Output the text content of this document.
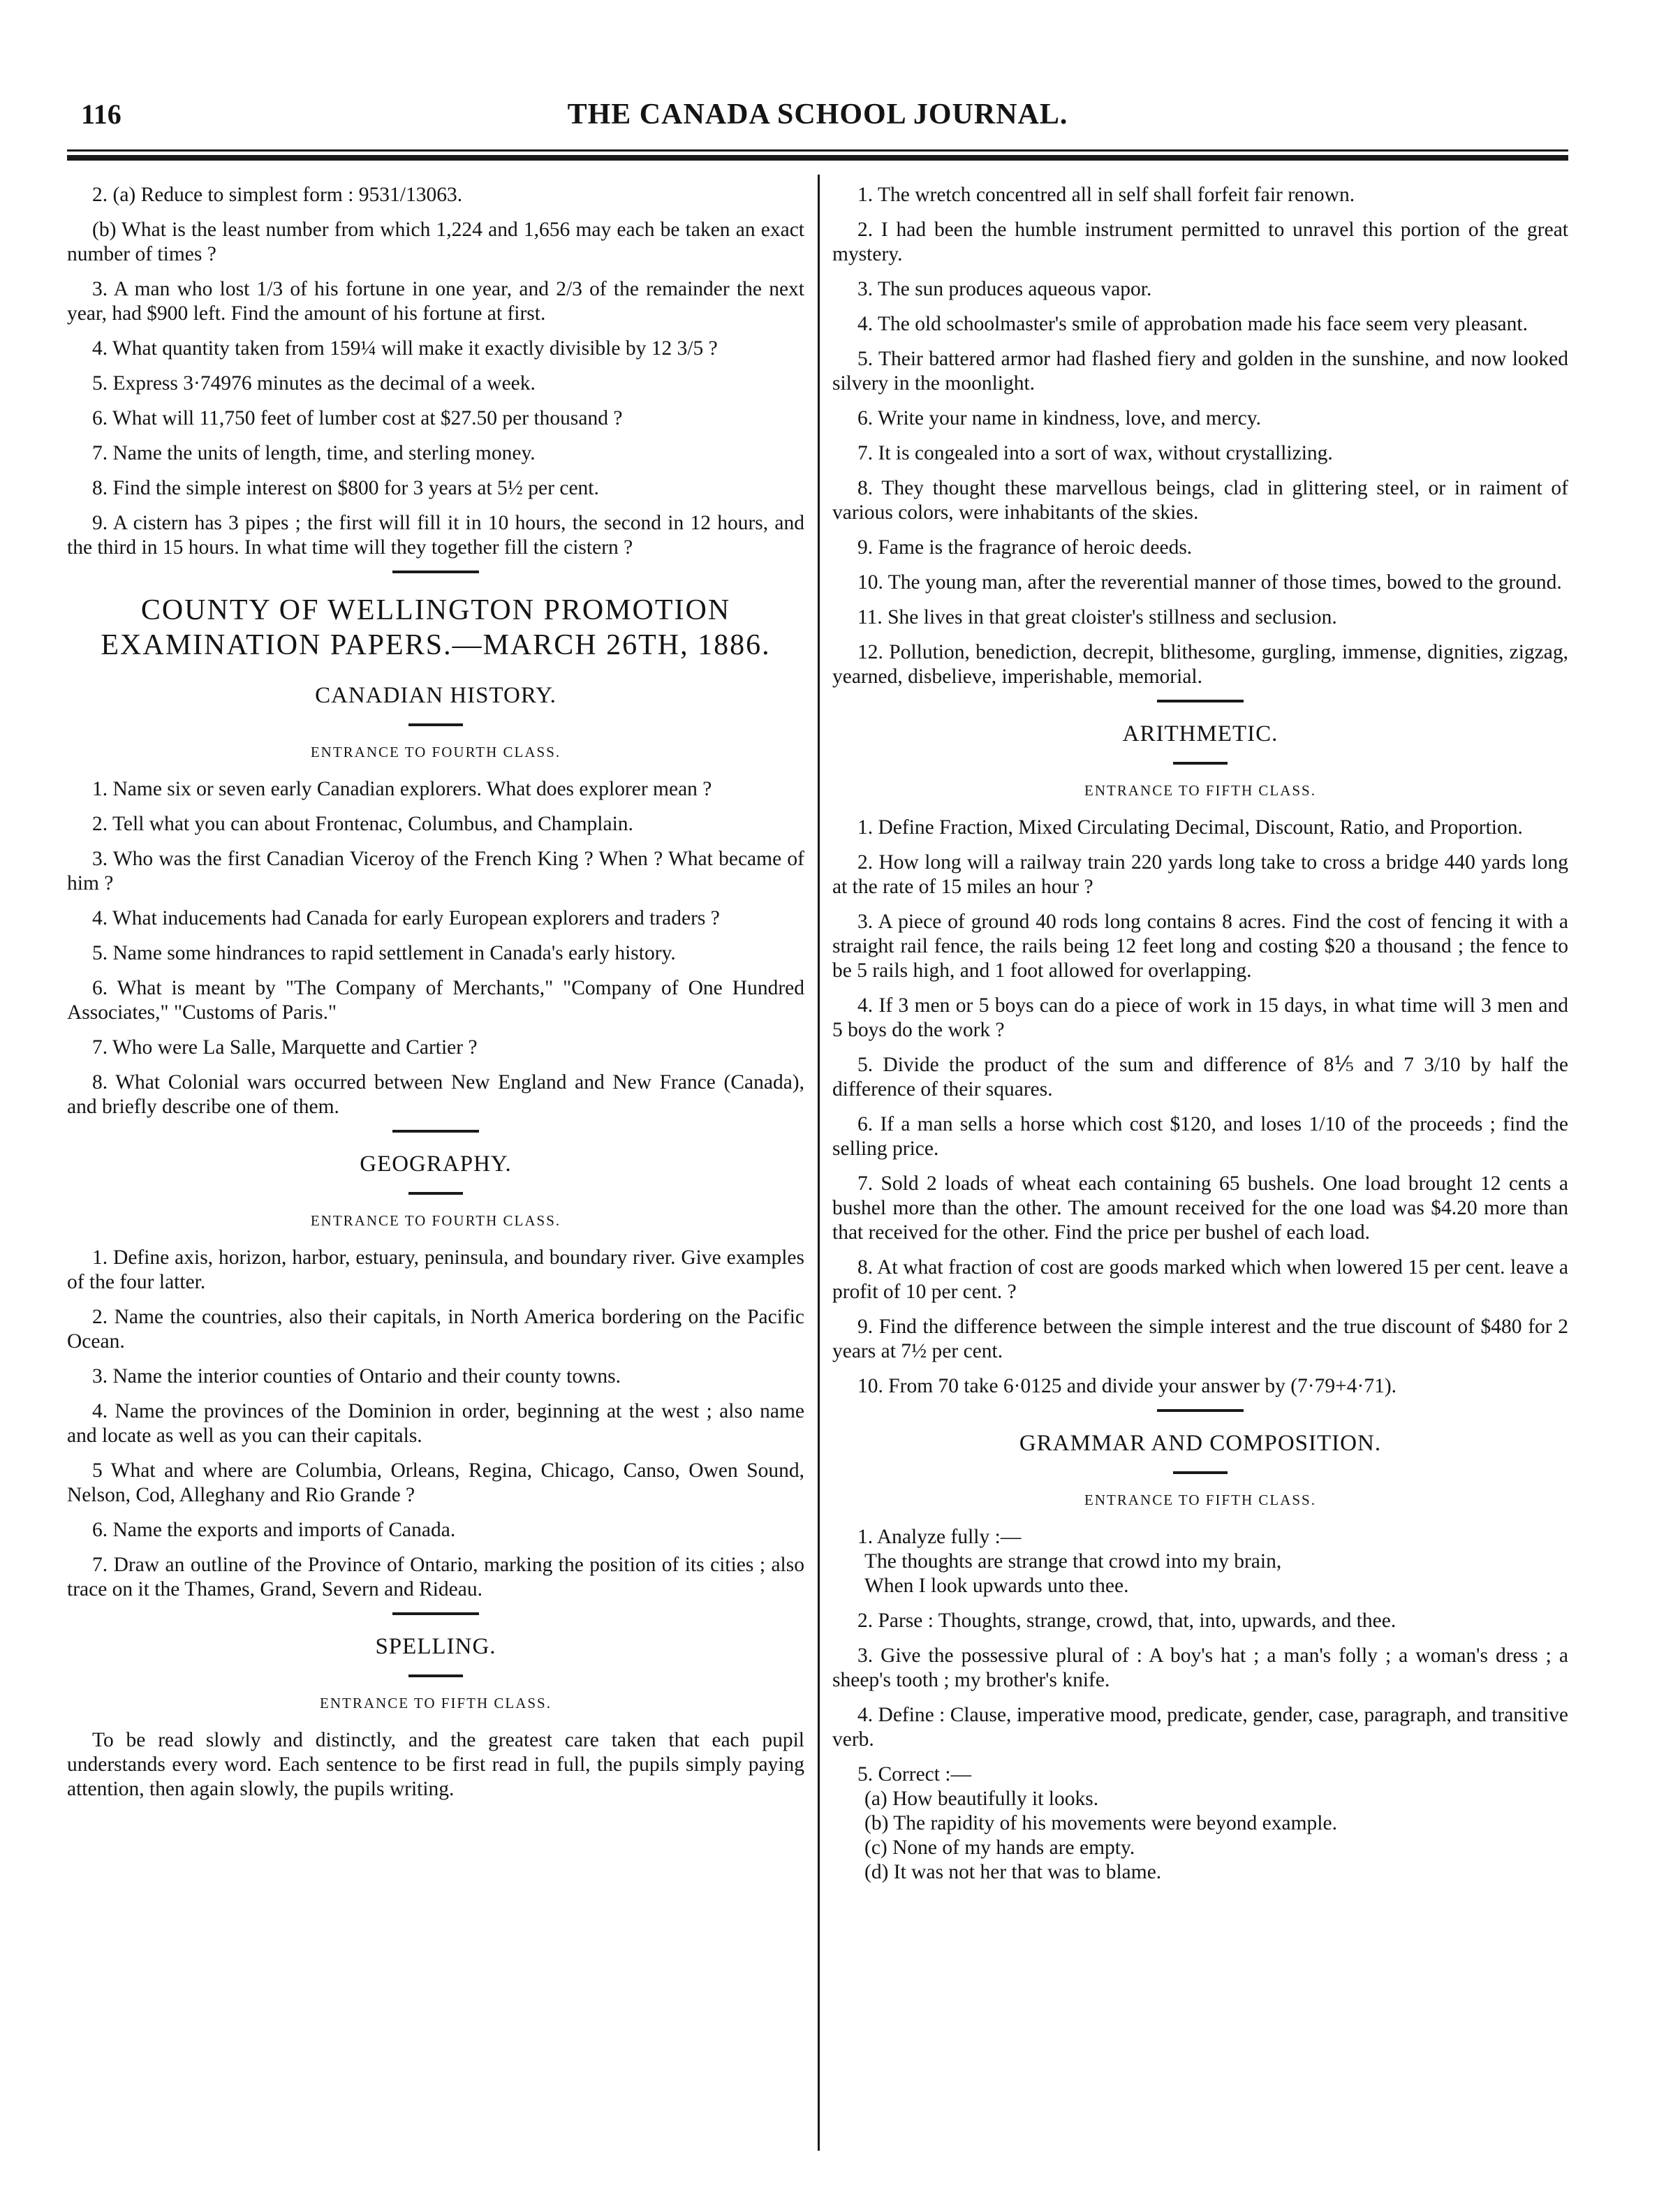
THE CANADA SCHOOL JOURNAL.
116

2. (a) Reduce to simplest form : 9531/13063.

(b) What is the least number from which 1,224 and 1,656 may each be taken an exact number of times ?

3. A man who lost 1/3 of his fortune in one year, and 2/3 of the remainder the next year, had $900 left. Find the amount of his fortune at first.

4. What quantity taken from 159¼ will make it exactly divisible by 12 3/5 ?

5. Express 3·74976 minutes as the decimal of a week.

6. What will 11,750 feet of lumber cost at $27.50 per thousand ?

7. Name the units of length, time, and sterling money.

8. Find the simple interest on $800 for 3 years at 5½ per cent.

9. A cistern has 3 pipes ; the first will fill it in 10 hours, the second in 12 hours, and the third in 15 hours. In what time will they together fill the cistern ?

COUNTY OF WELLINGTON PROMOTION EXAMINATION PAPERS.—MARCH 26TH, 1886.
CANADIAN HISTORY.
ENTRANCE TO FOURTH CLASS.

1. Name six or seven early Canadian explorers. What does explorer mean ?

2. Tell what you can about Frontenac, Columbus, and Champlain.

3. Who was the first Canadian Viceroy of the French King ? When ? What became of him ?

4. What inducements had Canada for early European explorers and traders ?

5. Name some hindrances to rapid settlement in Canada's early history.

6. What is meant by "The Company of Merchants," "Company of One Hundred Associates," "Customs of Paris."

7. Who were La Salle, Marquette and Cartier ?

8. What Colonial wars occurred between New England and New France (Canada), and briefly describe one of them.

GEOGRAPHY.
ENTRANCE TO FOURTH CLASS.

1. Define axis, horizon, harbor, estuary, peninsula, and boundary river. Give examples of the four latter.

2. Name the countries, also their capitals, in North America bordering on the Pacific Ocean.

3. Name the interior counties of Ontario and their county towns.

4. Name the provinces of the Dominion in order, beginning at the west ; also name and locate as well as you can their capitals.

5 What and where are Columbia, Orleans, Regina, Chicago, Canso, Owen Sound, Nelson, Cod, Alleghany and Rio Grande ?

6. Name the exports and imports of Canada.

7. Draw an outline of the Province of Ontario, marking the position of its cities ; also trace on it the Thames, Grand, Severn and Rideau.

SPELLING.
ENTRANCE TO FIFTH CLASS.

To be read slowly and distinctly, and the greatest care taken that each pupil understands every word. Each sentence to be first read in full, the pupils simply paying attention, then again slowly, the pupils writing.

1. The wretch concentred all in self shall forfeit fair renown.

2. I had been the humble instrument permitted to unravel this portion of the great mystery.

3. The sun produces aqueous vapor.

4. The old schoolmaster's smile of approbation made his face seem very pleasant.

5. Their battered armor had flashed fiery and golden in the sunshine, and now looked silvery in the moonlight.

6. Write your name in kindness, love, and mercy.

7. It is congealed into a sort of wax, without crystallizing.

8. They thought these marvellous beings, clad in glittering steel, or in raiment of various colors, were inhabitants of the skies.

9. Fame is the fragrance of heroic deeds.

10. The young man, after the reverential manner of those times, bowed to the ground.

11. She lives in that great cloister's stillness and seclusion.

12. Pollution, benediction, decrepit, blithesome, gurgling, immense, dignities, zigzag, yearned, disbelieve, imperishable, memorial.

ARITHMETIC.
ENTRANCE TO FIFTH CLASS.

1. Define Fraction, Mixed Circulating Decimal, Discount, Ratio, and Proportion.

2. How long will a railway train 220 yards long take to cross a bridge 440 yards long at the rate of 15 miles an hour ?

3. A piece of ground 40 rods long contains 8 acres. Find the cost of fencing it with a straight rail fence, the rails being 12 feet long and costing $20 a thousand ; the fence to be 5 rails high, and 1 foot allowed for overlapping.

4. If 3 men or 5 boys can do a piece of work in 15 days, in what time will 3 men and 5 boys do the work ?

5. Divide the product of the sum and difference of 8⅕ and 7 3/10 by half the difference of their squares.

6. If a man sells a horse which cost $120, and loses 1/10 of the proceeds ; find the selling price.

7. Sold 2 loads of wheat each containing 65 bushels. One load brought 12 cents a bushel more than the other. The amount received for the one load was $4.20 more than that received for the other. Find the price per bushel of each load.

8. At what fraction of cost are goods marked which when lowered 15 per cent. leave a profit of 10 per cent. ?

9. Find the difference between the simple interest and the true discount of $480 for 2 years at 7½ per cent.

10. From 70 take 6·0125 and divide your answer by (7·79+4·71).

GRAMMAR AND COMPOSITION.
ENTRANCE TO FIFTH CLASS.

1. Analyze fully :—

The thoughts are strange that crowd into my brain,

When I look upwards unto thee.

2. Parse : Thoughts, strange, crowd, that, into, upwards, and thee.

3. Give the possessive plural of : A boy's hat ; a man's folly ; a woman's dress ; a sheep's tooth ; my brother's knife.

4. Define : Clause, imperative mood, predicate, gender, case, paragraph, and transitive verb.

5. Correct :—

(a) How beautifully it looks.

(b) The rapidity of his movements were beyond example.

(c) None of my hands are empty.

(d) It was not her that was to blame.
